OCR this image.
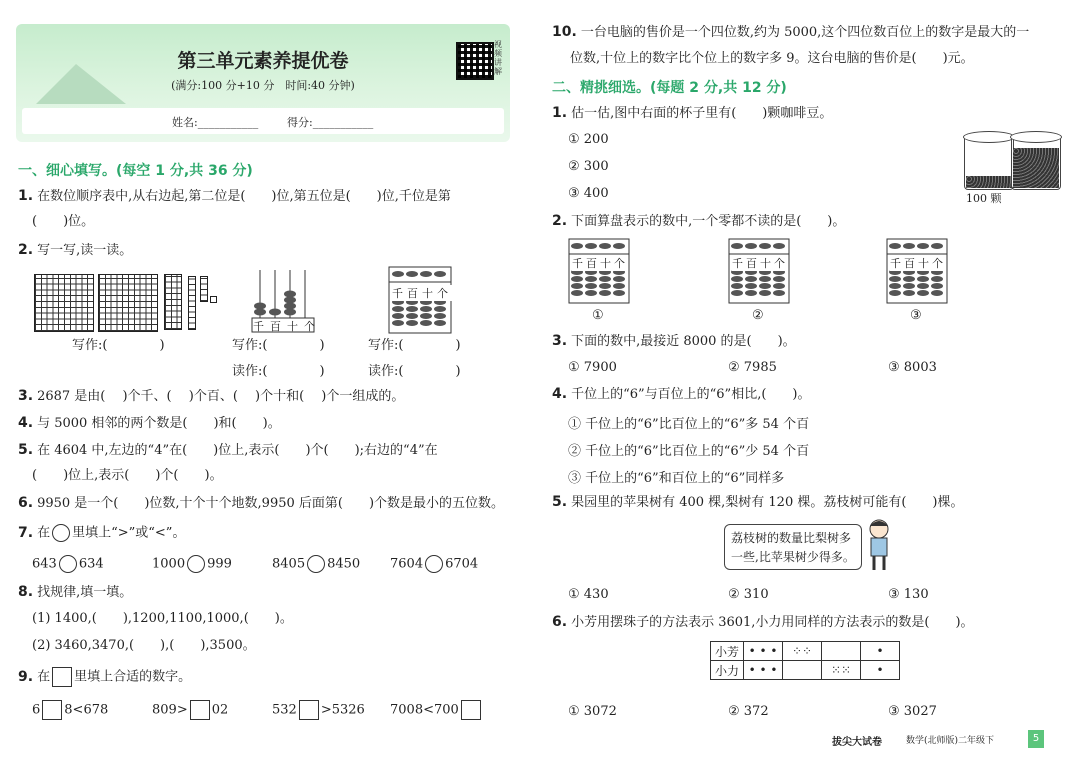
第三单元素养提优卷
(满分:100 分+10 分　时间:40 分钟)
视频讲解
姓名:___________	得分:___________
一、细心填写。(每空 1 分,共 36 分)
1. 在数位顺序表中,从右边起,第二位是(　　)位,第五位是(　　)位,千位是第
(　　)位。
2. 写一写,读一读。
千百十个
千百十个
写作:(　　　　)	写作:(　　　　)	写作:(　　　　)
读作:(　　　　)	读作:(　　　　)
3. 2687 是由(　 )个千、(　 )个百、(　 )个十和(　 )个一组成的。
4. 与 5000 相邻的两个数是(　　)和(　　)。
5. 在 4604 中,左边的“4”在(　　)位上,表示(　　)个(　　);右边的“4”在
(　　)位上,表示(　　)个(　　)。
6. 9950 是一个(　　)位数,十个十个地数,9950 后面第(　　)个数是最小的五位数。
7. 在 里填上“>”或“<”。
643 634	1000 999	8405 8450 7604 6704
8. 找规律,填一填。
(1) 1400,(　　),1200,1100,1000,(　　)。
(2) 3460,3470,(　　),(　　),3500。
9. 在 里填上合适的数字。
6 8<678	809> 02	532 >5326 7008<700
10. 一台电脑的售价是一个四位数,约为 5000,这个四位数百位上的数字是最大的一
位数,十位上的数字比个位上的数字多 9。这台电脑的售价是(　　)元。
二、精挑细选。(每题 2 分,共 12 分)
1. 估一估,图中右面的杯子里有(　　)颗咖啡豆。
① 200
② 300
③ 400	100 颗
2. 下面算盘表示的数中,一个零都不读的是(　　)。
千百十个	千百十个	千百十个
①	②	③
3. 下面的数中,最接近 8000 的是(　　)。
① 7900	② 7985	③ 8003
4. 千位上的“6”与百位上的“6”相比,(　　)。
① 千位上的“6”比百位上的“6”多 54 个百
② 千位上的“6”比百位上的“6”少 54 个百
③ 千位上的“6”和百位上的“6”同样多
5. 果园里的苹果树有 400 棵,梨树有 120 棵。荔枝树可能有(　　)棵。
荔枝树的数量比梨树多一些,比苹果树少得多。
① 430	② 310	③ 130
6. 小芳用摆珠子的方法表示 3601,小力用同样的方法表示的数是(　　)。
小芳	• • •	⁘⁘		•
小力	• • •		⁙⁙	•
① 3072	② 372	③ 3027
拔尖大试卷	数学(北师版)二年级下	5
